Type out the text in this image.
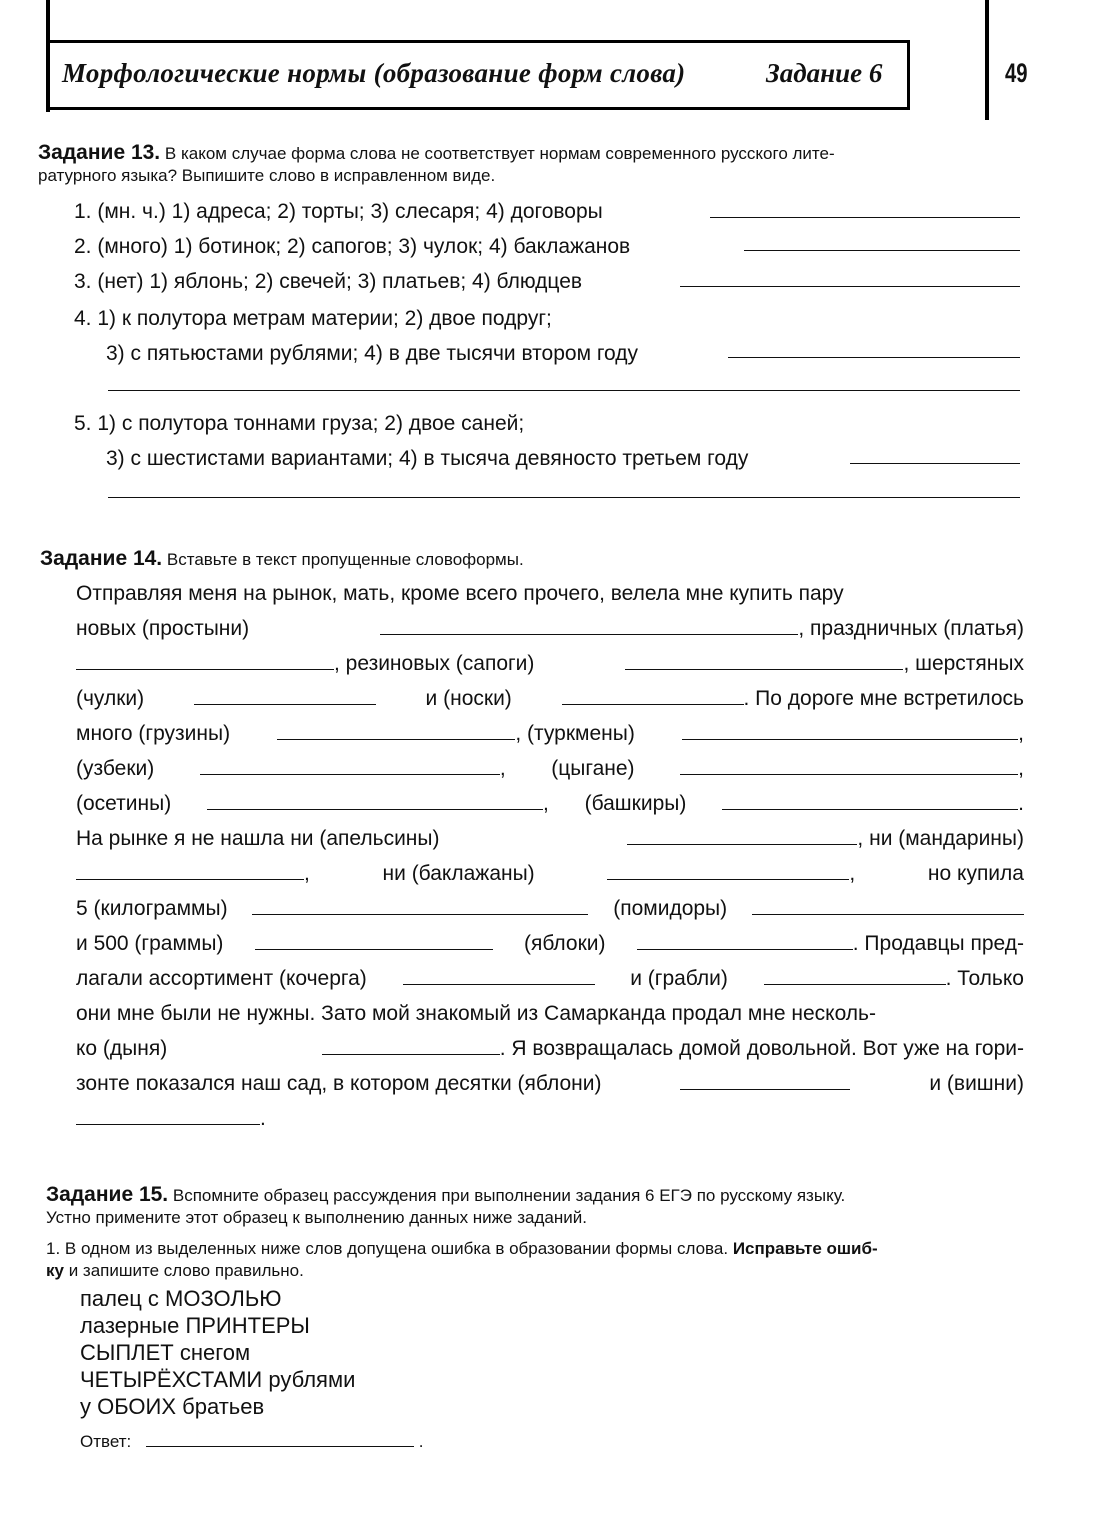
Морфологические нормы (образование форм слова)	Задание 6	49
Задание 13. В каком случае форма слова не соответствует нормам современного русского лите-
ратурного языка? Выпишите слово в исправленном виде.
1. (мн. ч.) 1) адреса; 2) торты; 3) слесаря; 4) договоры
2. (много) 1) ботинок; 2) сапогов; 3) чулок; 4) баклажанов
3. (нет) 1) яблонь; 2) свечей; 3) платьев; 4) блюдцев
4. 1) к полутора метрам материи; 2) двое подруг;
3) с пятьюстами рублями; 4) в две тысячи втором году
5. 1) с полутора тоннами груза; 2) двое саней;
3) с шестистами вариантами; 4) в тысяча девяносто третьем году
Задание 14. Вставьте в текст пропущенные словоформы.
Отправляя меня на рынок, мать, кроме всего прочего, велела мне купить пару
новых (простыни)	, праздничных (платья)
, резиновых (сапоги)	, шерстяных
(чулки)	и (носки)	. По дороге мне встретилось
много (грузины)	, (туркмены)	,
(узбеки)	, (цыгане)	,
(осетины)	, (башкиры)	.
На рынке я не нашла ни (апельсины)	, ни (мандарины)
,	ни (баклажаны)	,	но купила
5 (килограммы)	(помидоры)
и 500 (граммы)	(яблоки)	. Продавцы пред-
лагали ассортимент (кочерга)	и (грабли)	. Только
они мне были не нужны. Зато мой знакомый из Самарканда продал мне несколь-
ко (дыня)	. Я возвращалась домой довольной. Вот уже на гори-
зонте показался наш сад, в котором десятки (яблони)	и (вишни)
.
Задание 15. Вспомните образец рассуждения при выполнении задания 6 ЕГЭ по русскому языку.
Устно примените этот образец к выполнению данных ниже заданий.
1. В одном из выделенных ниже слов допущена ошибка в образовании формы слова. Исправьте ошиб-
ку и запишите слово правильно.
палец с МОЗОЛЬЮ
лазерные ПРИНТЕРЫ
СЫПЛЕТ снегом
ЧЕТЫРЁХСТАМИ рублями
у ОБОИХ братьев
Ответ:	.
